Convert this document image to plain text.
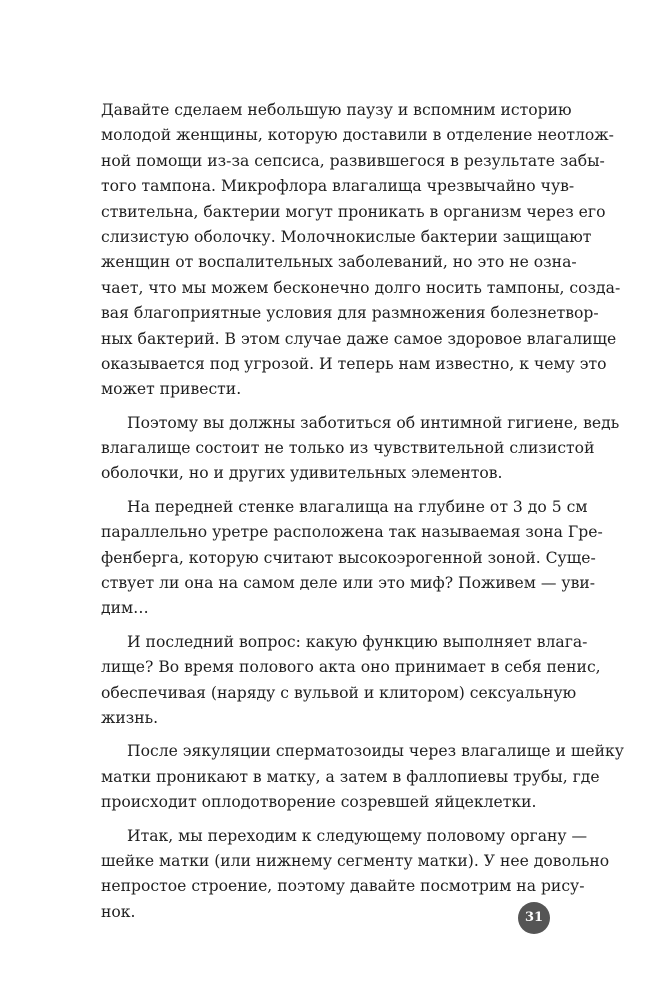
Давайте сделаем небольшую паузу и вспомним историю
молодой женщины, которую доставили в отделение неотлож-
ной помощи из-за сепсиса, развившегося в результате забы-
того тампона. Микрофлора влагалища чрезвычайно чув-
ствительна, бактерии могут проникать в организм через его
слизистую оболочку. Молочнокислые бактерии защищают
женщин от воспалительных заболеваний, но это не озна-
чает, что мы можем бесконечно долго носить тампоны, созда-
вая благоприятные условия для размножения болезнетвор-
ных бактерий. В этом случае даже самое здоровое влагалище
оказывается под угрозой. И теперь нам известно, к чему это
может привести.

Поэтому вы должны заботиться об интимной гигиене, ведь
влагалище состоит не только из чувствительной слизистой
оболочки, но и других удивительных элементов.

На передней стенке влагалища на глубине от 3 до 5 см
параллельно уретре расположена так называемая зона Гре-
фенберга, которую считают высокоэрогенной зоной. Суще-
ствует ли она на самом деле или это миф? Поживем — уви-
дим…

И последний вопрос: какую функцию выполняет влага-
лище? Во время полового акта оно принимает в себя пенис,
обеспечивая (наряду с вульвой и клитором) сексуальную
жизнь.

После эякуляции сперматозоиды через влагалище и шейку
матки проникают в матку, а затем в фаллопиевы трубы, где
происходит оплодотворение созревшей яйцеклетки.

Итак, мы переходим к следующему половому органу —
шейке матки (или нижнему сегменту матки). У нее довольно
непростое строение, поэтому давайте посмотрим на рису-
нок.	31
